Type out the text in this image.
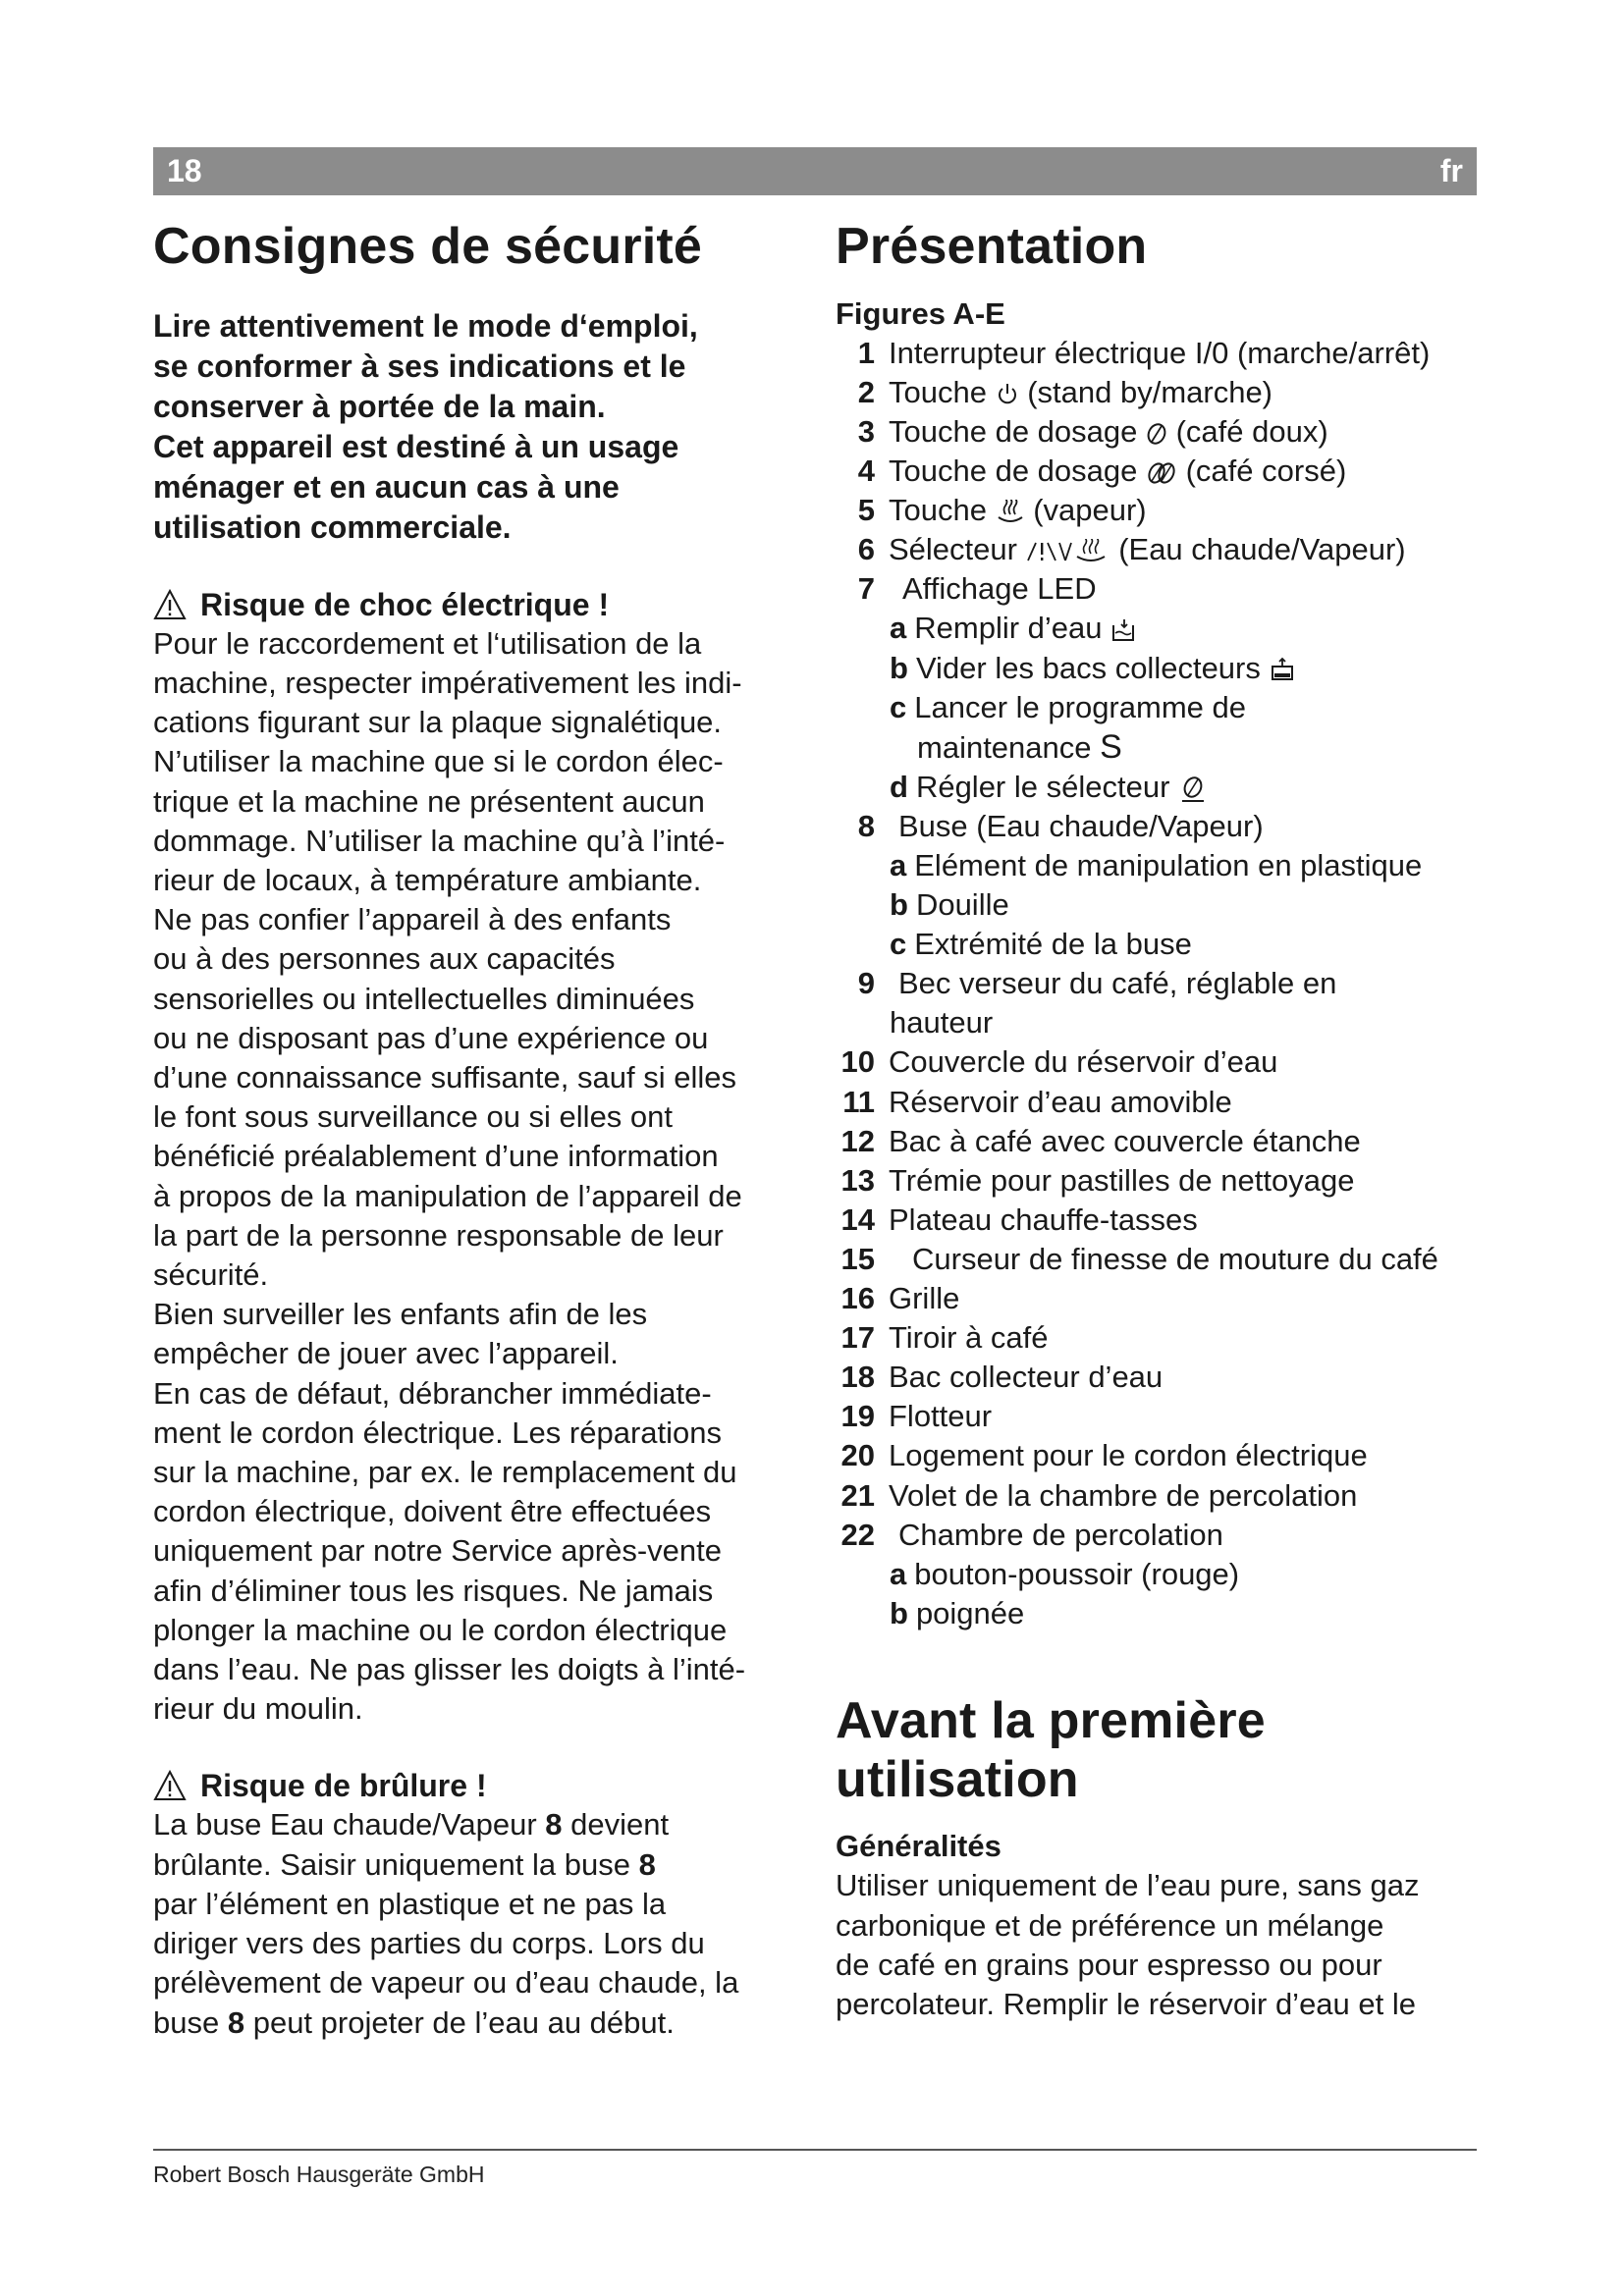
18	fr
Consignes de sécurité

Lire attentivement le mode d‘emploi,

se conformer à ses indications et le

conserver à portée de la main.

Cet appareil est destiné à un usage

ménager et en aucun cas à une

utilisation commerciale.

Risque de choc électrique !

Pour le raccordement et l‘utilisation de la

machine, respecter impérativement les indi-

cations figurant sur la plaque signalétique.

N’utiliser la machine que si le cordon élec-

trique et la machine ne présentent aucun

dommage. N’utiliser la machine qu’à l’inté-

rieur de locaux, à température ambiante.

Ne pas confier l’appareil à des enfants

ou à des personnes aux capacités

sensorielles ou intellectuelles diminuées

ou ne disposant pas d’une expérience ou

d’une connaissance suffisante, sauf si elles

le font sous surveillance ou si elles ont

bénéficié préalablement d’une information

à propos de la manipulation de l’appareil de

la part de la personne responsable de leur

sécurité.

Bien surveiller les enfants afin de les

empêcher de jouer avec l’appareil.

En cas de défaut, débrancher immédiate-

ment le cordon électrique. Les réparations

sur la machine, par ex. le remplacement du

cordon électrique, doivent être effectuées

uniquement par notre Service après-vente

afin d’éliminer tous les risques. Ne jamais

plonger la machine ou le cordon électrique

dans l’eau. Ne pas glisser les doigts à l’inté-

rieur du moulin.

Risque de brûlure !

La buse Eau chaude/Vapeur 8 devient

brûlante. Saisir uniquement la buse 8

par l’élément en plastique et ne pas la

diriger vers des parties du corps. Lors du

prélèvement de vapeur ou d’eau chaude, la

buse 8 peut projeter de l’eau au début.

Présentation
Figures A-E
1 Interrupteur électrique I/0 (marche/arrêt)
2 Touche  (stand by/marche)
3 Touche de dosage  (café doux)
4 Touche de dosage  (café corsé)
5 Touche  (vapeur)
6 Sélecteur	(Eau chaude/Vapeur)
7 Affichage LED
a Remplir d’eau
b Vider les bacs collecteurs
c Lancer le programme de
maintenance S
d Régler le sélecteur
8 Buse (Eau chaude/Vapeur)
a Elément de manipulation en plastique
b Douille
c Extrémité de la buse
9 Bec verseur du café, réglable en
hauteur
10 Couvercle du réservoir d’eau
11 Réservoir d’eau amovible
12 Bac à café avec couvercle étanche
13 Trémie pour pastilles de nettoyage
14 Plateau chauffe-tasses
15 Curseur de finesse de mouture du café
16 Grille
17 Tiroir à café
18 Bac collecteur d’eau
19 Flotteur
20 Logement pour le cordon électrique
21 Volet de la chambre de percolation
22 Chambre de percolation
a bouton-poussoir (rouge)
b poignée
Avant la première
utilisation
Généralités

Utiliser uniquement de l’eau pure, sans gaz

carbonique et de préférence un mélange

de café en grains pour espresso ou pour

percolateur. Remplir le réservoir d’eau et le

Robert Bosch Hausgeräte GmbH
